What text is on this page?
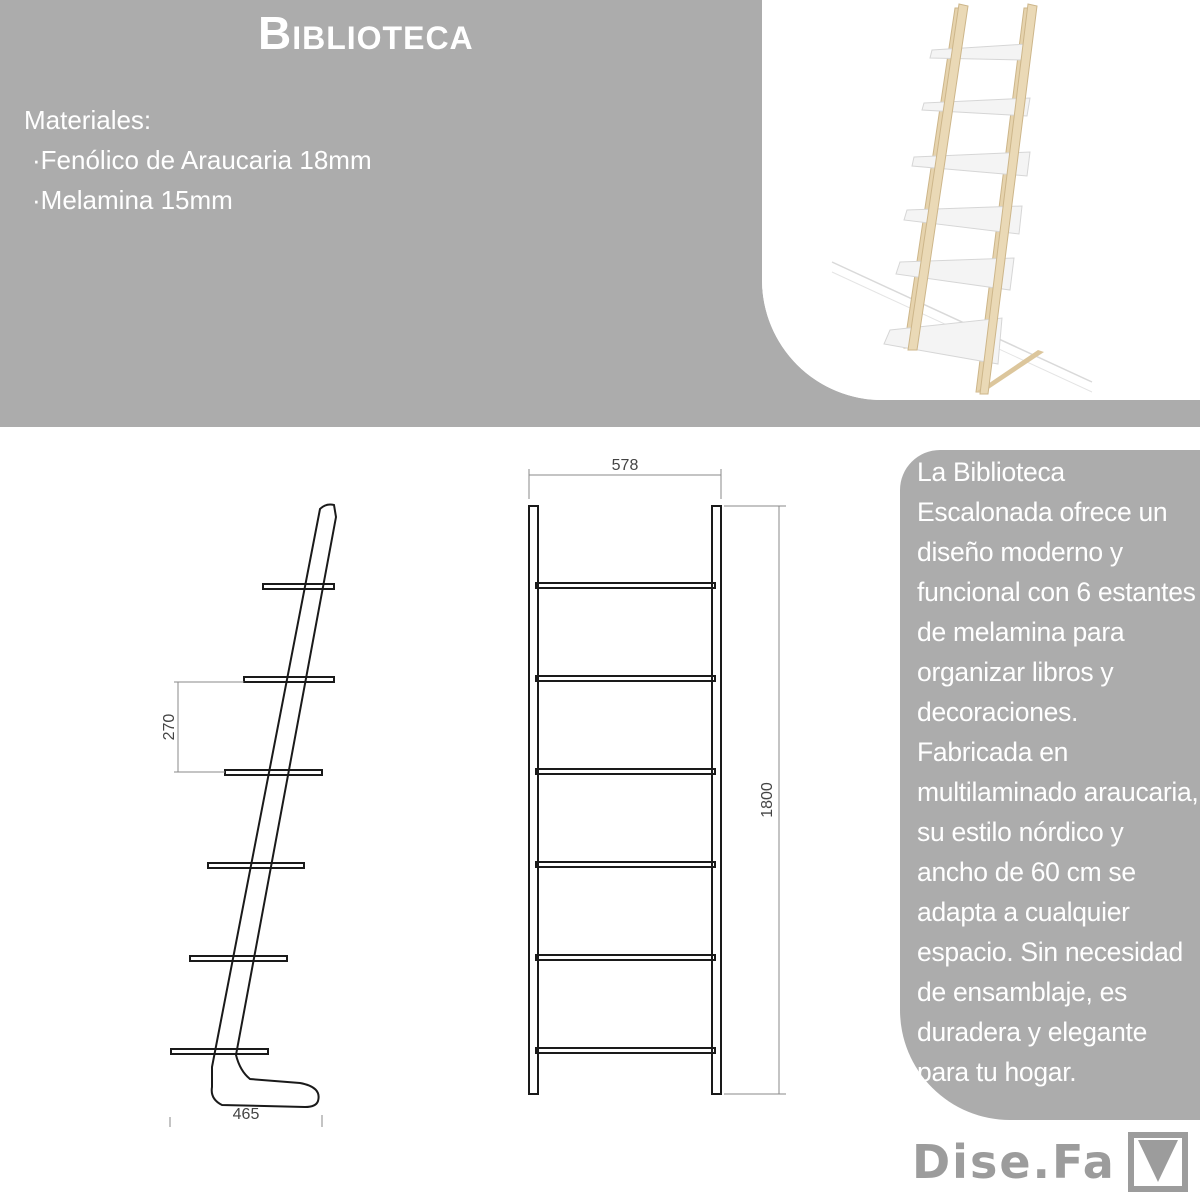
Biblioteca
Materiales:
·Fenólico de Araucaria 18mm
·Melamina 15mm

La Biblioteca Escalonada ofrece un diseño moderno y funcional con 6 estantes de melamina para organizar libros y decoraciones. Fabricada en multilaminado araucaria, su estilo nórdico y ancho de 60 cm se adapta a cualquier espacio. Sin necesidad de ensamblaje, es duradera y elegante para tu hogar.

270
465
578
1800
Dise.Fa
